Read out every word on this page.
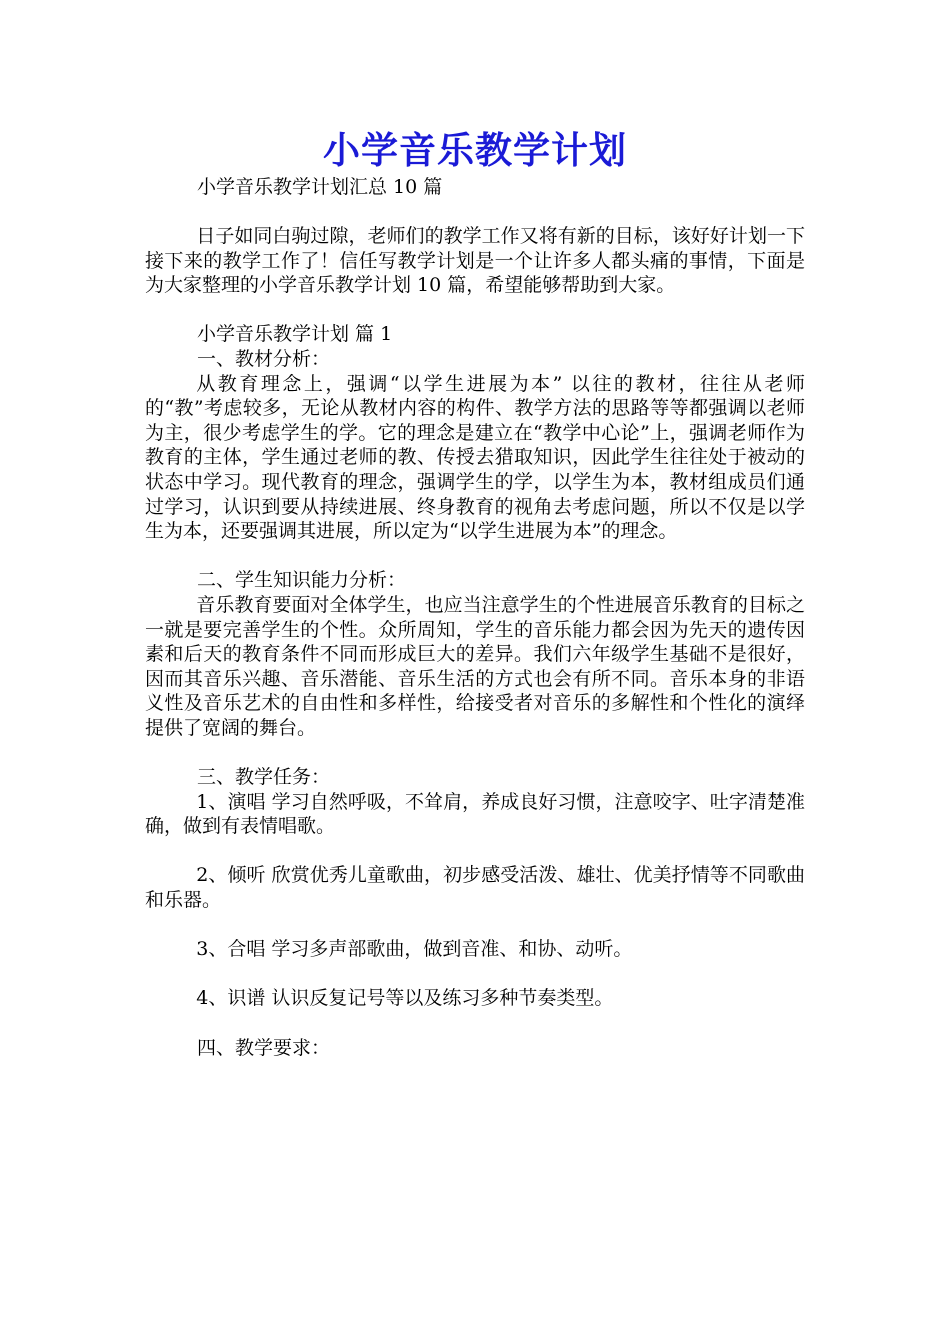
小学音乐教学计划
小学音乐教学计划汇总 10 篇

日子如同白驹过隙，老师们的教学工作又将有新的目标，该好好计划一下接下来的教学工作了！信任写教学计划是一个让许多人都头痛的事情，下面是为大家整理的小学音乐教学计划 10 篇，希望能够帮助到大家。

小学音乐教学计划 篇 1

一、教材分析：

从教育理念上，强调“以学生进展为本” 以往的教材，往往从老师的“教”考虑较多，无论从教材内容的构件、教学方法的思路等等都强调以老师为主，很少考虑学生的学。它的理念是建立在“教学中心论”上，强调老师作为教育的主体，学生通过老师的教、传授去猎取知识，因此学生往往处于被动的状态中学习。现代教育的理念，强调学生的学，以学生为本，教材组成员们通过学习，认识到要从持续进展、终身教育的视角去考虑问题，所以不仅是以学生为本，还要强调其进展，所以定为“以学生进展为本”的理念。

二、学生知识能力分析：

音乐教育要面对全体学生，也应当注意学生的个性进展音乐教育的目标之一就是要完善学生的个性。众所周知，学生的音乐能力都会因为先天的遗传因素和后天的教育条件不同而形成巨大的差异。我们六年级学生基础不是很好，因而其音乐兴趣、音乐潜能、音乐生活的方式也会有所不同。音乐本身的非语义性及音乐艺术的自由性和多样性，给接受者对音乐的多解性和个性化的演绎提供了宽阔的舞台。

三、教学任务：

1、演唱 学习自然呼吸，不耸肩，养成良好习惯，注意咬字、吐字清楚准确，做到有表情唱歌。

2、倾听 欣赏优秀儿童歌曲，初步感受活泼、雄壮、优美抒情等不同歌曲和乐器。

3、合唱 学习多声部歌曲，做到音准、和协、动听。

4、识谱 认识反复记号等以及练习多种节奏类型。

四、教学要求：
